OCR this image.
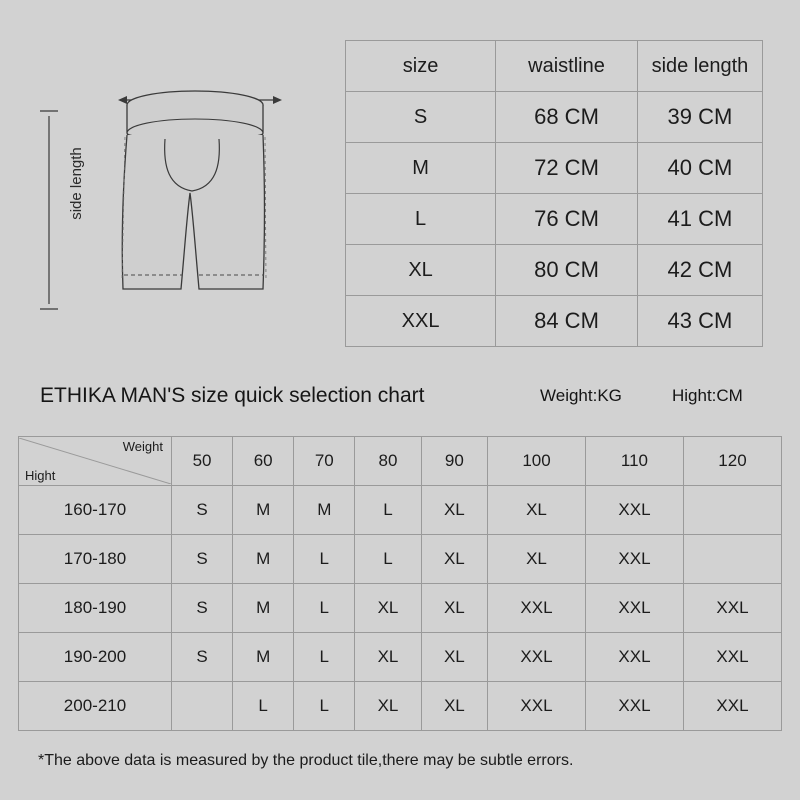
side length
size	waistline	side length
S	68 CM	39 CM
M	72 CM	40 CM
L	76 CM	41 CM
XL	80 CM	42 CM
XXL	84 CM	43 CM
ETHIKA MAN'S size quick selection chart	Weight:KG	Hight:CM
Weight
Hight	50	60	70	80	90	100	110	120
160-170	S	M	M	L	XL	XL	XXL	
170-180	S	M	L	L	XL	XL	XXL	
180-190	S	M	L	XL	XL	XXL	XXL	XXL
190-200	S	M	L	XL	XL	XXL	XXL	XXL
200-210		L	L	XL	XL	XXL	XXL	XXL
*The above data is measured by the product tile,there may be subtle errors.
